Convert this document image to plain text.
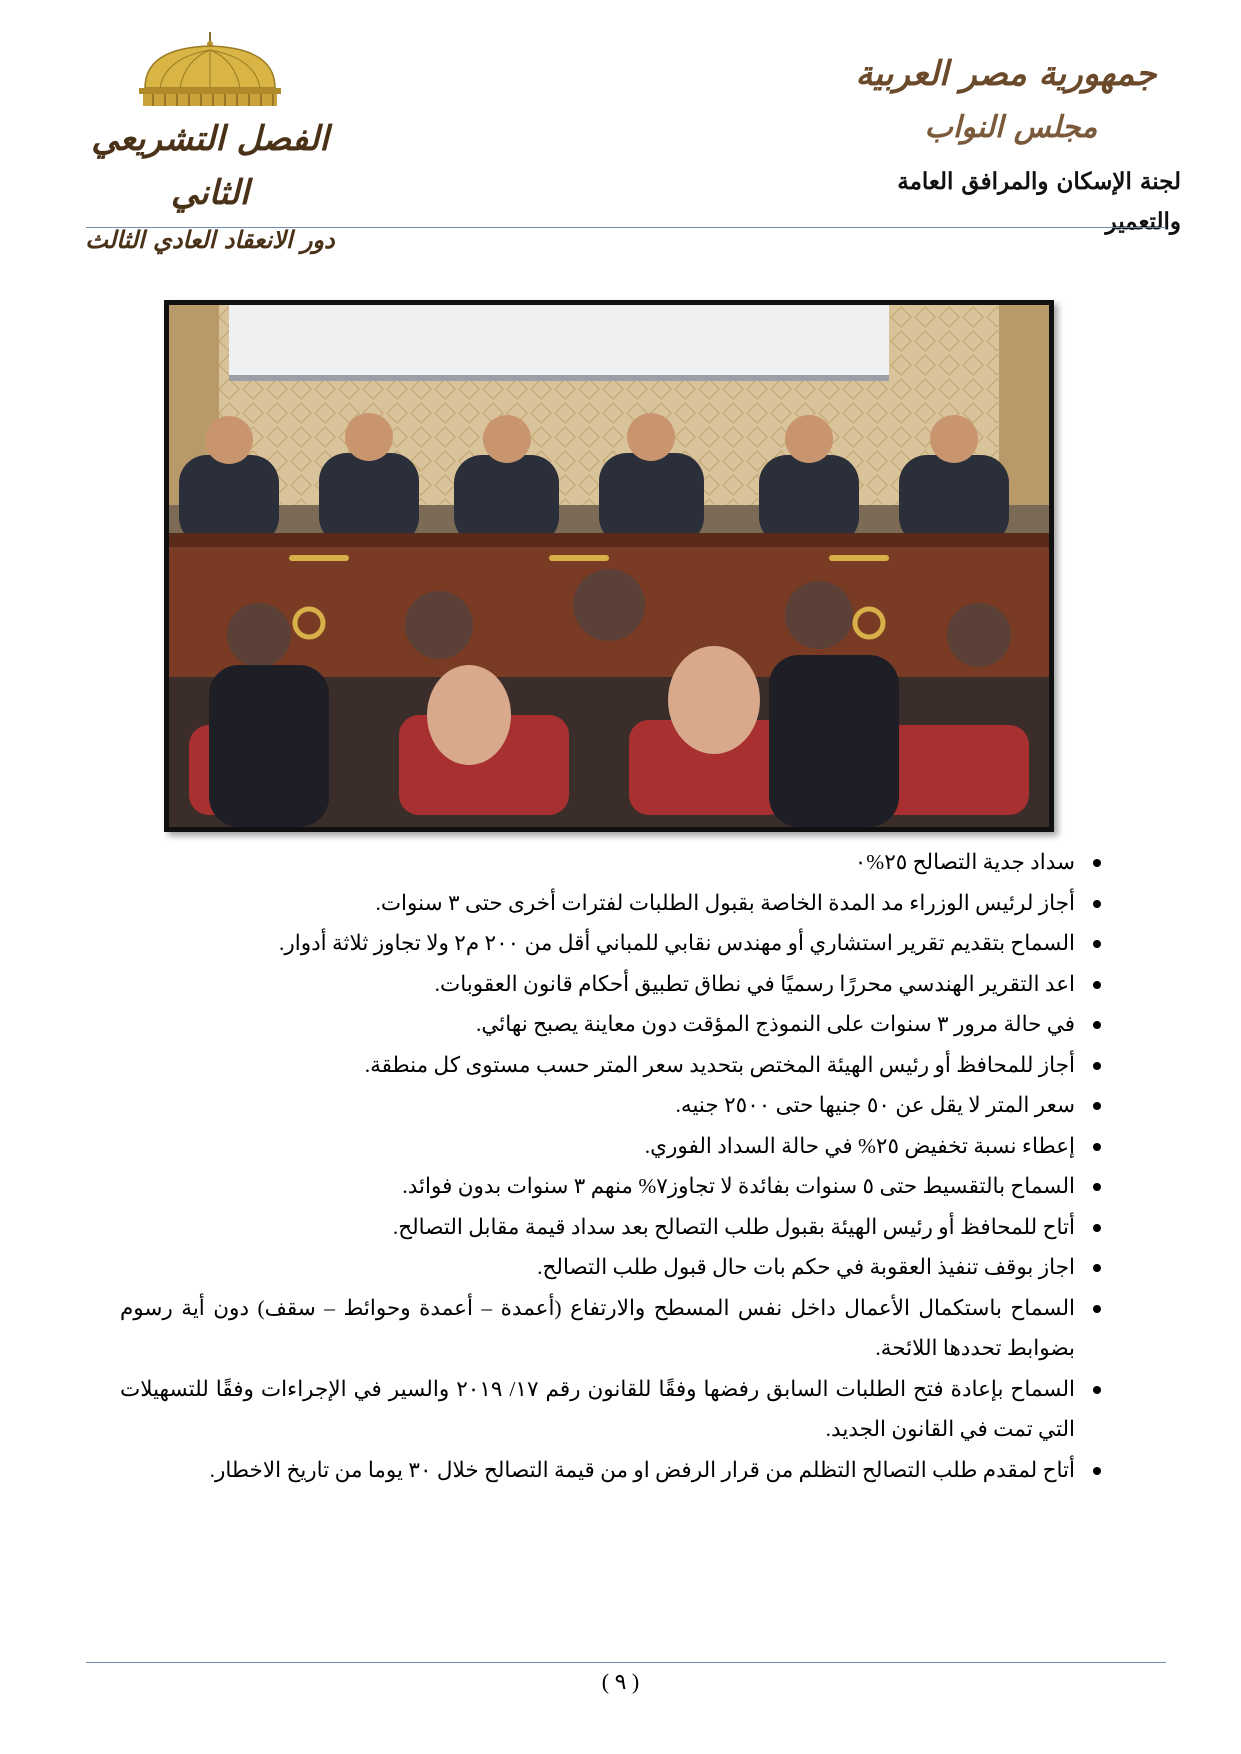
جمهورية مصر العربية
مجلس النواب
لجنة الإسكان والمرافق العامة والتعمير
الفصل التشريعي الثاني
دور الانعقاد العادي الثالث
سداد جدية التصالح ٢٥%٠
أجاز لرئيس الوزراء مد المدة الخاصة بقبول الطلبات لفترات أخرى حتى ٣ سنوات.
السماح بتقديم تقرير استشاري أو مهندس نقابي للمباني أقل من ٢٠٠ م٢ ولا تجاوز ثلاثة أدوار.
اعد التقرير الهندسي محررًا رسميًا في نطاق تطبيق أحكام قانون العقوبات.
في حالة مرور ٣ سنوات على النموذج المؤقت دون معاينة يصبح نهائي.
أجاز للمحافظ أو رئيس الهيئة المختص بتحديد سعر المتر حسب مستوى كل منطقة.
سعر المتر لا يقل عن ٥٠ جنيها حتى ٢٥٠٠ جنيه.
إعطاء نسبة تخفيض ٢٥% في حالة السداد الفوري.
السماح بالتقسيط حتى ٥ سنوات بفائدة لا تجاوز٧% منهم ٣ سنوات بدون فوائد.
أتاح للمحافظ أو رئيس الهيئة بقبول طلب التصالح بعد سداد قيمة مقابل التصالح.
اجاز بوقف تنفيذ العقوبة في حكم بات حال قبول طلب التصالح.
السماح باستكمال الأعمال داخل نفس المسطح والارتفاع (أعمدة – أعمدة وحوائط – سقف) دون أية رسوم بضوابط تحددها اللائحة.
السماح بإعادة فتح الطلبات السابق رفضها وفقًا للقانون رقم ١٧/ ٢٠١٩ والسير في الإجراءات وفقًا للتسهيلات التي تمت في القانون الجديد.
أتاح لمقدم طلب التصالح التظلم من قرار الرفض او من قيمة التصالح خلال ٣٠ يوما من تاريخ الاخطار.
( ٩ )
